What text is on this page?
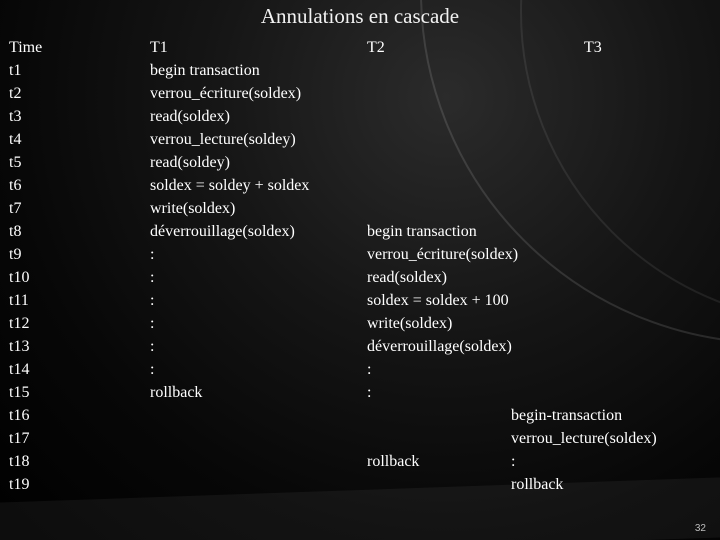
Annulations en cascade
Time
t1
t2
t3
t4
t5
t6
t7
t8
t9
t10
t11
t12
t13
t14
t15
t16
t17
t18
t19
T1
begin transaction
verrou_écriture(soldex)
read(soldex)
verrou_lecture(soldey)
read(soldey)
soldex = soldey + soldex
write(soldex)
déverrouillage(soldex)
:
:
:
:
:
:
rollback
T2
begin transaction
verrou_écriture(soldex)
read(soldex)
soldex = soldex + 100
write(soldex)
déverrouillage(soldex)
:
:
rollback
T3
begin-transaction
verrou_lecture(soldex)
:
rollback
32
